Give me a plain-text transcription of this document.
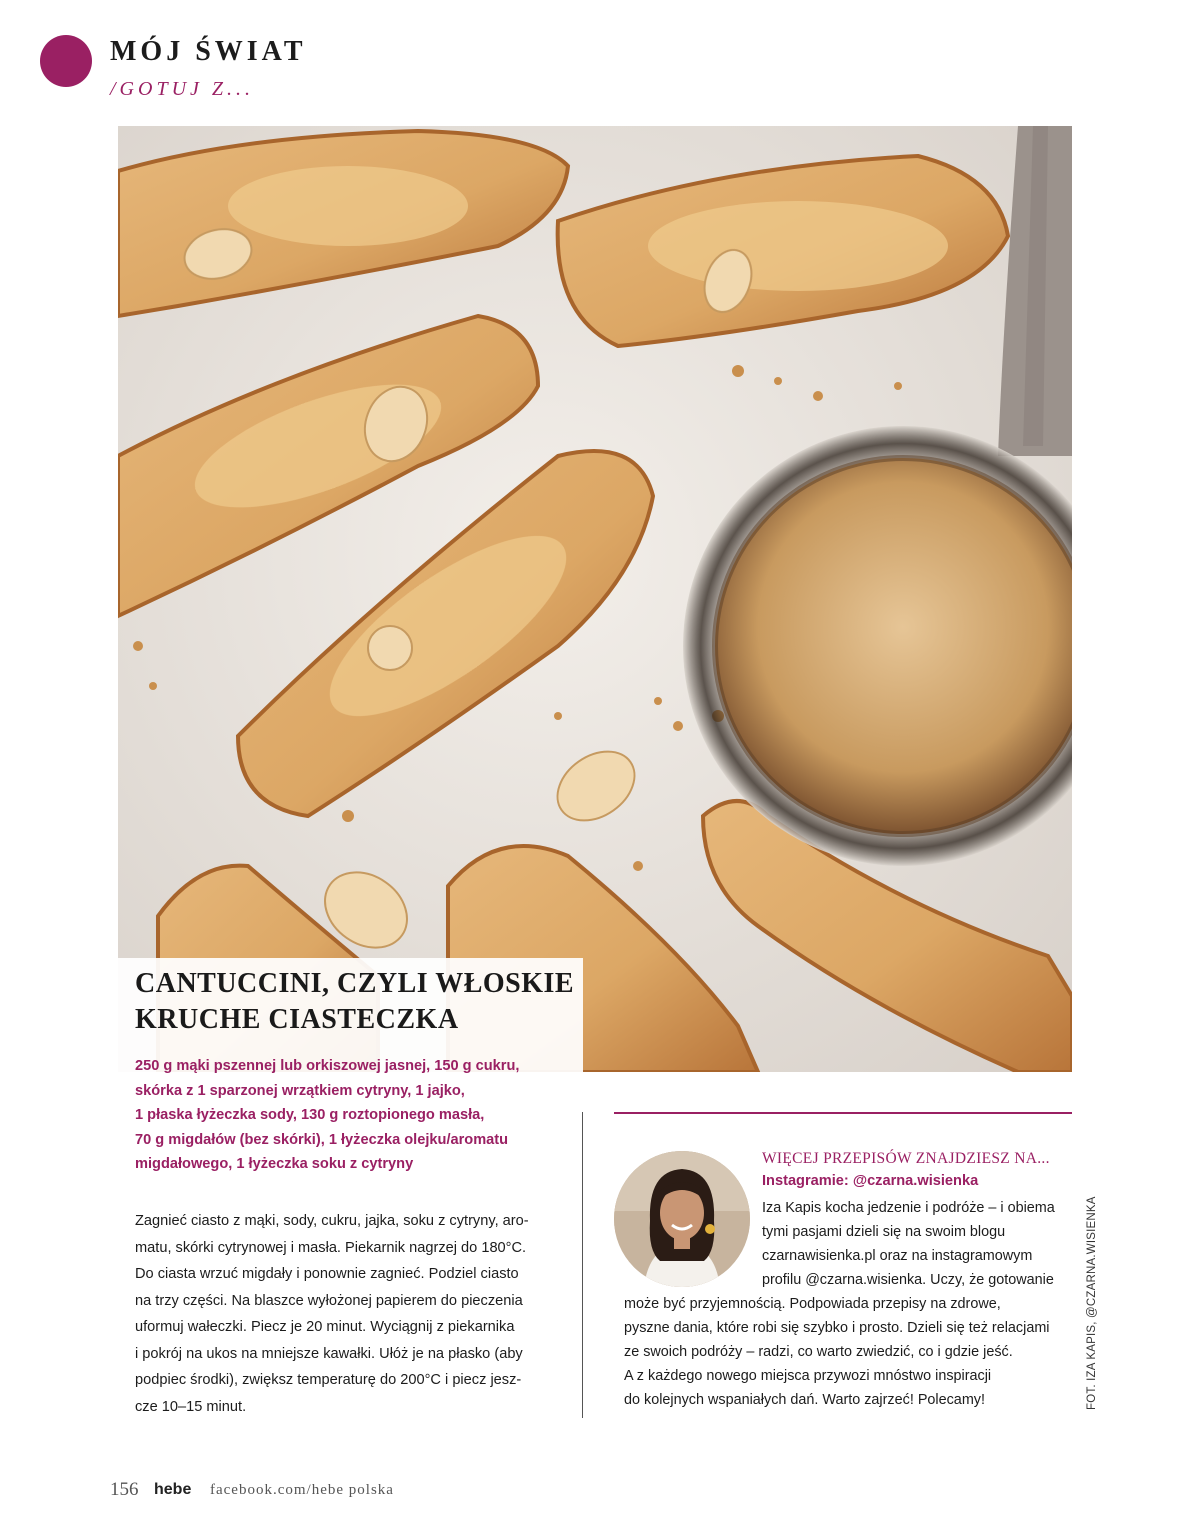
MÓJ ŚWIAT
/GOTUJ Z...
CANTUCCINI, CZYLI WŁOSKIE
KRUCHE CIASTECZKA
250 g mąki pszennej lub orkiszowej jasnej, 150 g cukru,
skórka z 1 sparzonej wrzątkiem cytryny, 1 jajko,
1 płaska łyżeczka sody, 130 g roztopionego masła,
70 g migdałów (bez skórki), 1 łyżeczka olejku/aromatu
migdałowego, 1 łyżeczka soku z cytryny
Zagnieć ciasto z mąki, sody, cukru, jajka, soku z cytryny, aro-
matu, skórki cytrynowej i masła. Piekarnik nagrzej do 180°C.
Do ciasta wrzuć migdały i ponownie zagnieć. Podziel ciasto
na trzy części. Na blaszce wyłożonej papierem do pieczenia
uformuj wałeczki. Piecz je 20 minut. Wyciągnij z piekarnika
i pokrój na ukos na mniejsze kawałki. Ułóż je na płasko (aby
podpiec środki), zwiększ temperaturę do 200°C i piecz jesz-
cze 10–15 minut.
WIĘCEJ PRZEPISÓW ZNAJDZIESZ NA...
Instagramie: @czarna.wisienka
Iza Kapis kocha jedzenie i podróże – i obiema
tymi pasjami dzieli się na swoim blogu
czarnawisienka.pl oraz na instagramowym
profilu @czarna.wisienka. Uczy, że gotowanie
może być przyjemnością. Podpowiada przepisy na zdrowe,
pyszne dania, które robi się szybko i prosto. Dzieli się też relacjami
ze swoich podróży – radzi, co warto zwiedzić, co i gdzie jeść.
A z każdego nowego miejsca przywozi mnóstwo inspiracji
do kolejnych wspaniałych dań. Warto zajrzeć! Polecamy!	FOT. IZA KAPIS, @CZARNA.WISIENKA
156 hebe facebook.com/hebe polska
